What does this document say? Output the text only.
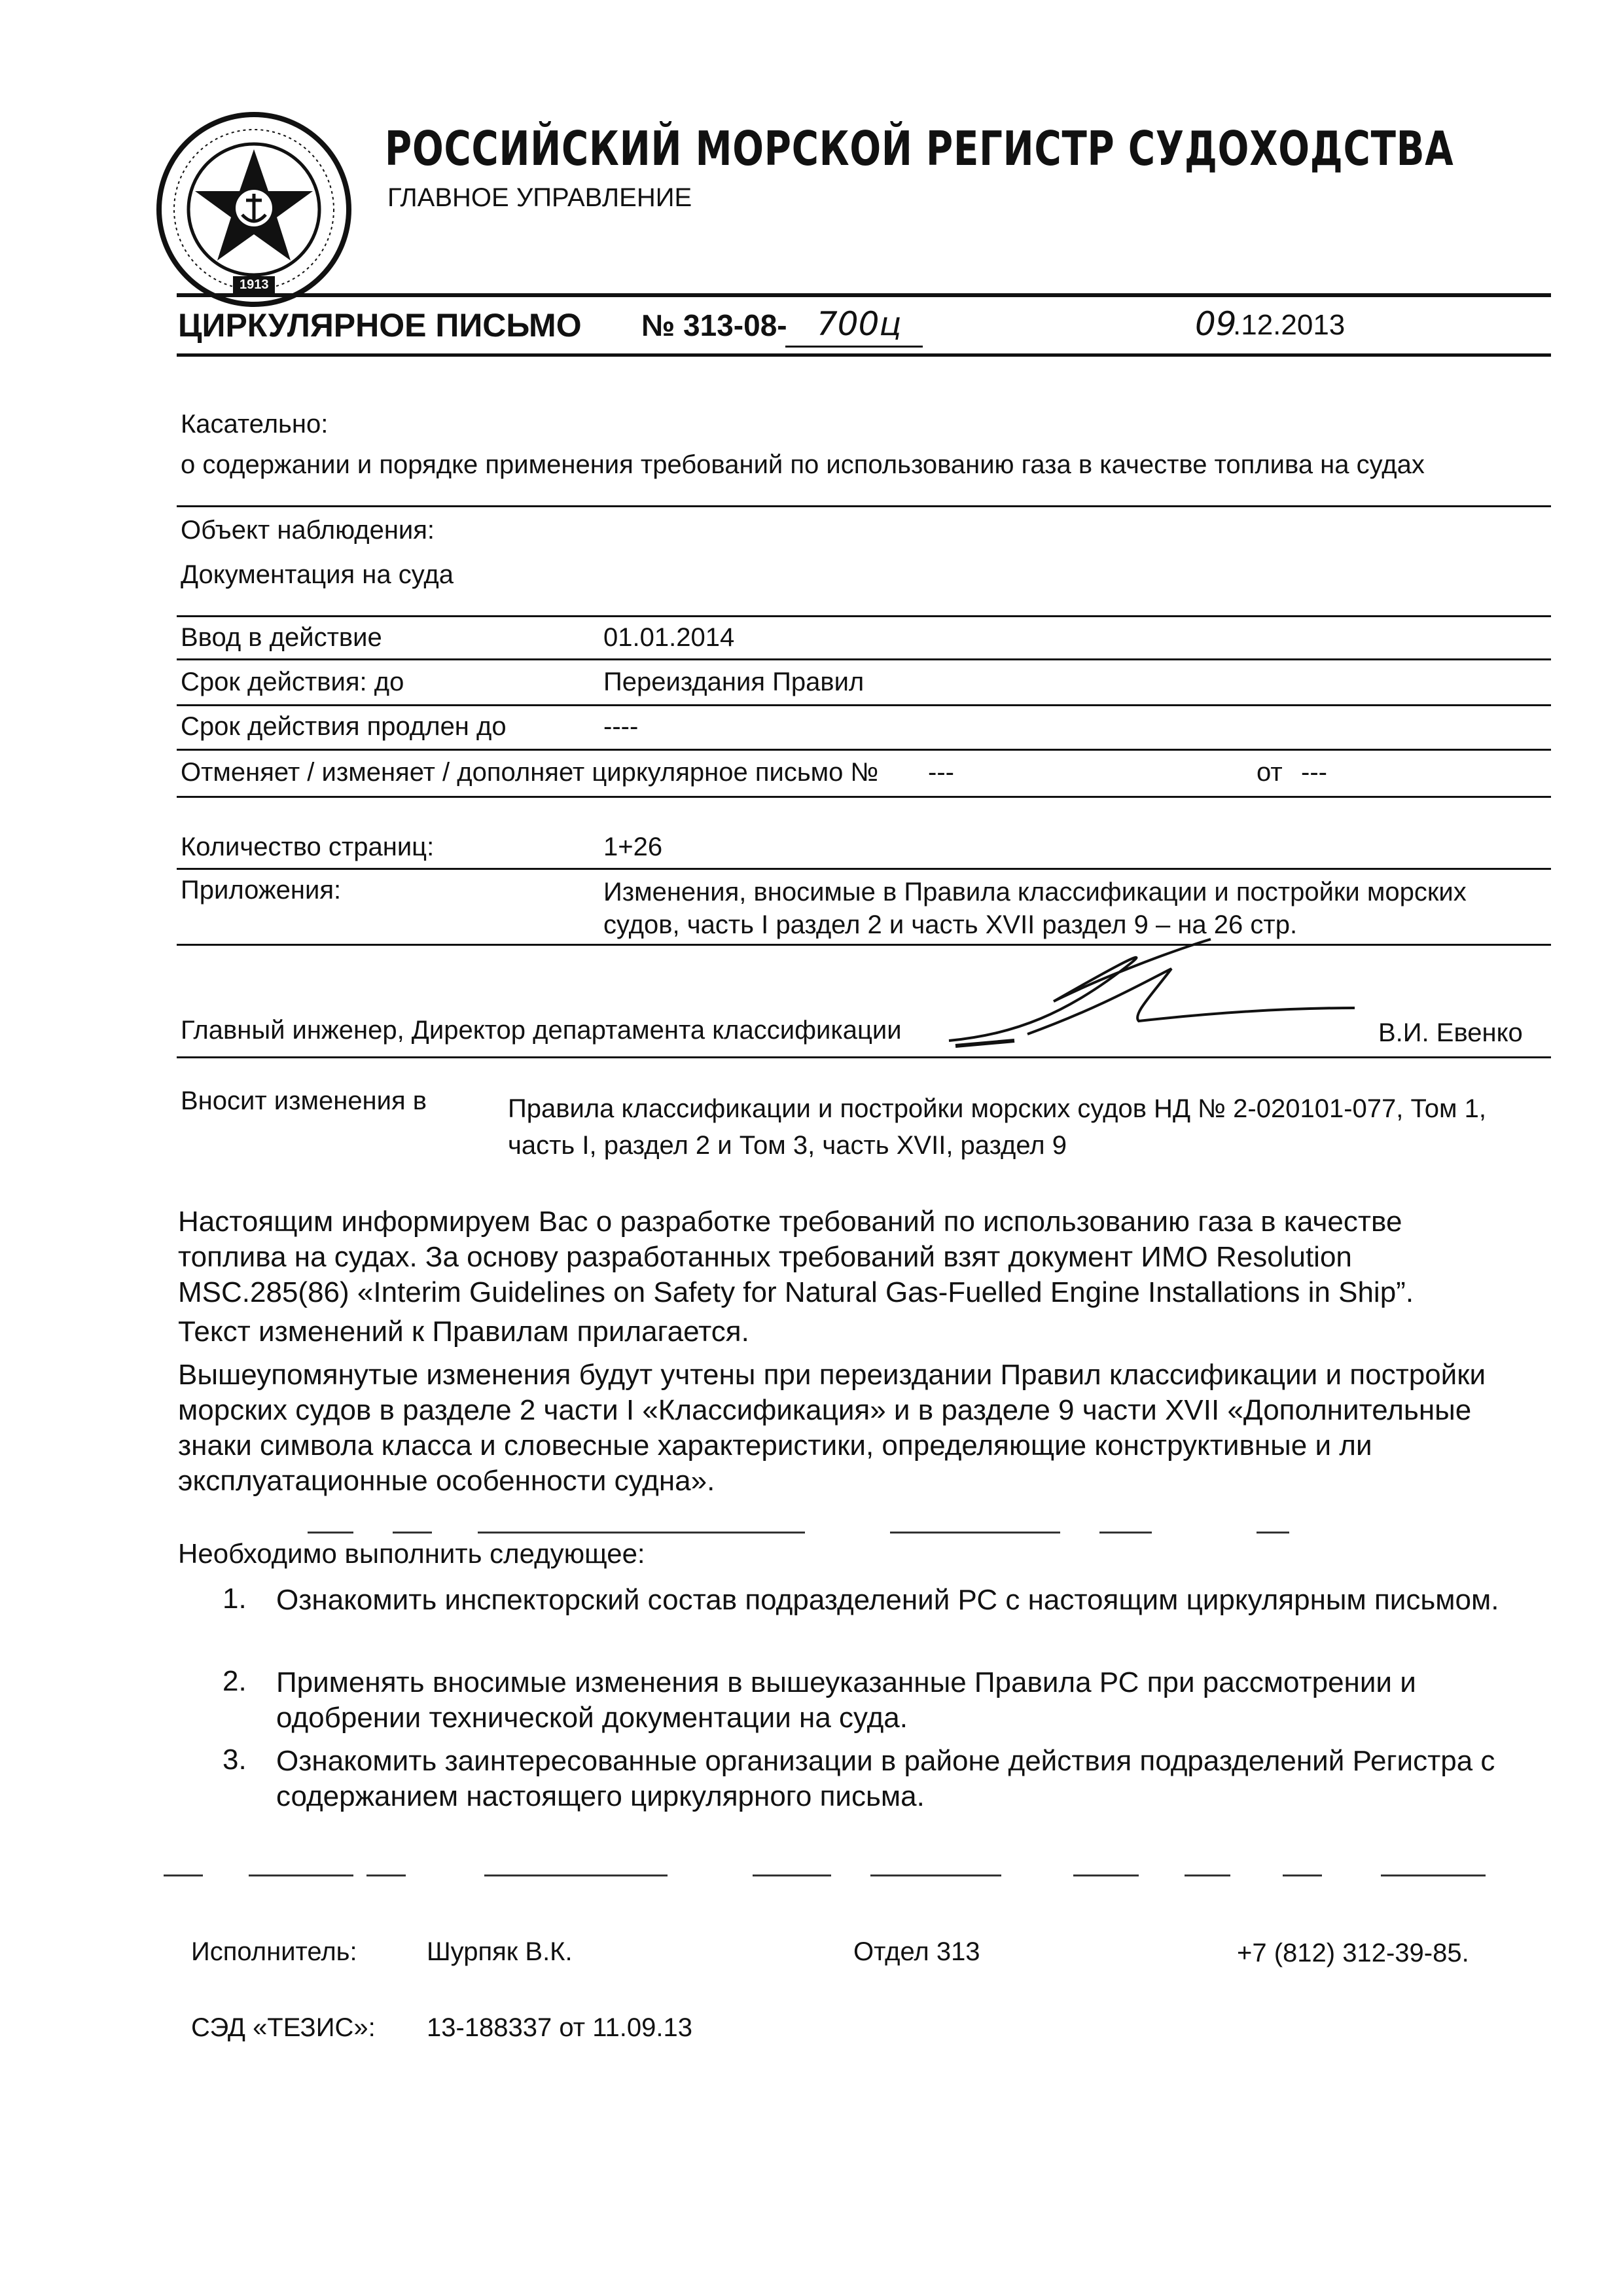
1913
РОССИЙСКИЙ МОРСКОЙ РЕГИСТР СУДОХОДСТВА
ГЛАВНОЕ УПРАВЛЕНИЕ
ЦИРКУЛЯРНОЕ ПИСЬМО № 313-08- 700ц	09
.12.2013
Касательно:
о содержании и порядке применения требований по использованию газа в качестве топлива на судах
Объект наблюдения:
Документация на суда
Ввод в действие	01.01.2014
Срок действия: до	Переиздания Правил
Срок действия продлен до	----
Отменяет / изменяет / дополняет циркулярное письмо № ---	от ---
Количество страниц:	1+26
Приложения:	Изменения, вносимые в Правила классификации и постройки морских судов, часть I раздел 2 и часть XVII раздел 9 – на 26 стр.
Главный инженер, Директор департамента классификации	В.И. Евенко
Вносит изменения в	Правила классификации и постройки морских судов НД № 2-020101-077, Том 1, часть I, раздел 2 и Том 3, часть XVII, раздел 9
Настоящим информируем Вас о разработке требований по использованию газа в качестве топлива на судах. За основу разработанных требований взят документ ИМО Resolution MSC.285(86) «Interim Guidelines on Safety for Natural Gas-Fuelled Engine Installations in Ship”.
Текст изменений к Правилам прилагается.
Вышеупомянутые изменения будут учтены при переиздании Правил классификации и постройки морских судов в разделе 2 части I «Классификация» и в разделе 9 части XVII «Дополнительные знаки символа класса и словесные характеристики, определяющие конструктивные и ли эксплуатационные особенности судна».
Необходимо выполнить следующее:
1. Ознакомить инспекторский состав подразделений РС с настоящим циркулярным письмом.
2. Применять вносимые изменения в вышеуказанные Правила РС при рассмотрении и одобрении технической документации на суда.
3. Ознакомить заинтересованные организации в районе действия подразделений Регистра с содержанием настоящего циркулярного письма.
Исполнитель:	Шурпяк В.К.	Отдел 313	+7 (812) 312-39-85.
СЭД «ТЕЗИС»: 13-188337 от 11.09.13
